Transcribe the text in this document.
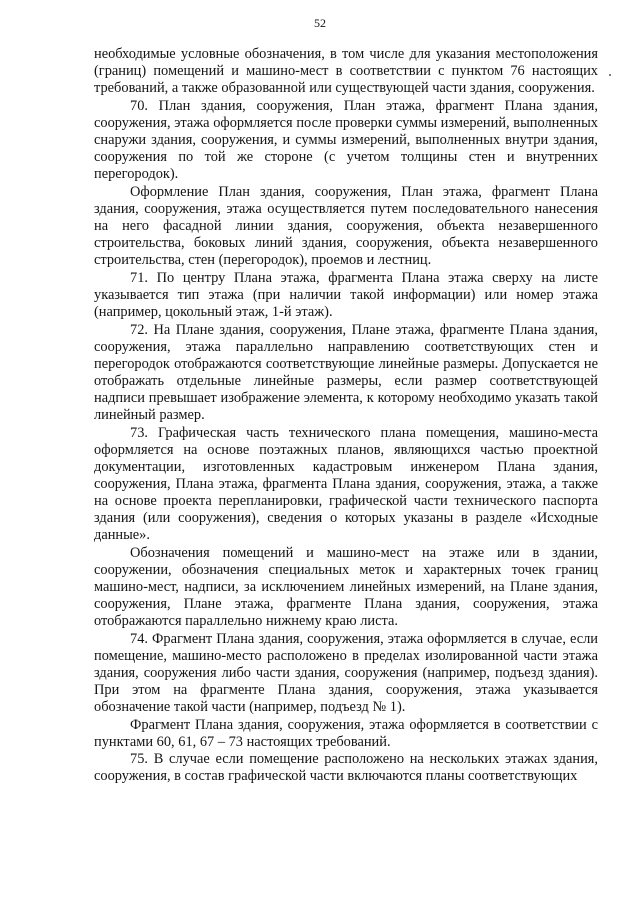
52

необходимые условные обозначения, в том числе для указания местоположения (границ) помещений и машино-мест в соответствии с пунктом 76 настоящих требований, а также образованной или существующей части здания, сооружения.

70. План здания, сооружения, План этажа, фрагмент Плана здания, сооружения, этажа оформляется после проверки суммы измерений, выполненных снаружи здания, сооружения, и суммы измерений, выполненных внутри здания, сооружения по той же стороне (с учетом толщины стен и внутренних перегородок).

Оформление План здания, сооружения, План этажа, фрагмент Плана здания, сооружения, этажа осуществляется путем последовательного нанесения на него фасадной линии здания, сооружения, объекта незавершенного строительства, боковых линий здания, сооружения, объекта незавершенного строительства, стен (перегородок), проемов и лестниц.

71. По центру Плана этажа, фрагмента Плана этажа сверху на листе указывается тип этажа (при наличии такой информации) или номер этажа (например, цокольный этаж, 1-й этаж).

72. На Плане здания, сооружения, Плане этажа, фрагменте Плана здания, сооружения, этажа параллельно направлению соответствующих стен и перегородок отображаются соответствующие линейные размеры. Допускается не отображать отдельные линейные размеры, если размер соответствующей надписи превышает изображение элемента, к которому необходимо указать такой линейный размер.

73. Графическая часть технического плана помещения, машино-места оформляется на основе поэтажных планов, являющихся частью проектной документации, изготовленных кадастровым инженером Плана здания, сооружения, Плана этажа, фрагмента Плана здания, сооружения, этажа, а также на основе проекта перепланировки, графической части технического паспорта здания (или сооружения), сведения о которых указаны в разделе «Исходные данные».

Обозначения помещений и машино-мест на этаже или в здании, сооружении, обозначения специальных меток и характерных точек границ машино-мест, надписи, за исключением линейных измерений, на Плане здания, сооружения, Плане этажа, фрагменте Плана здания, сооружения, этажа отображаются параллельно нижнему краю листа.

74. Фрагмент Плана здания, сооружения, этажа оформляется в случае, если помещение, машино-место расположено в пределах изолированной части этажа здания, сооружения либо части здания, сооружения (например, подъезд здания). При этом на фрагменте Плана здания, сооружения, этажа указывается обозначение такой части (например, подъезд № 1).

Фрагмент Плана здания, сооружения, этажа оформляется в соответствии с пунктами 60, 61, 67 – 73 настоящих требований.

75. В случае если помещение расположено на нескольких этажах здания, сооружения, в состав графической части включаются планы соответствующих
